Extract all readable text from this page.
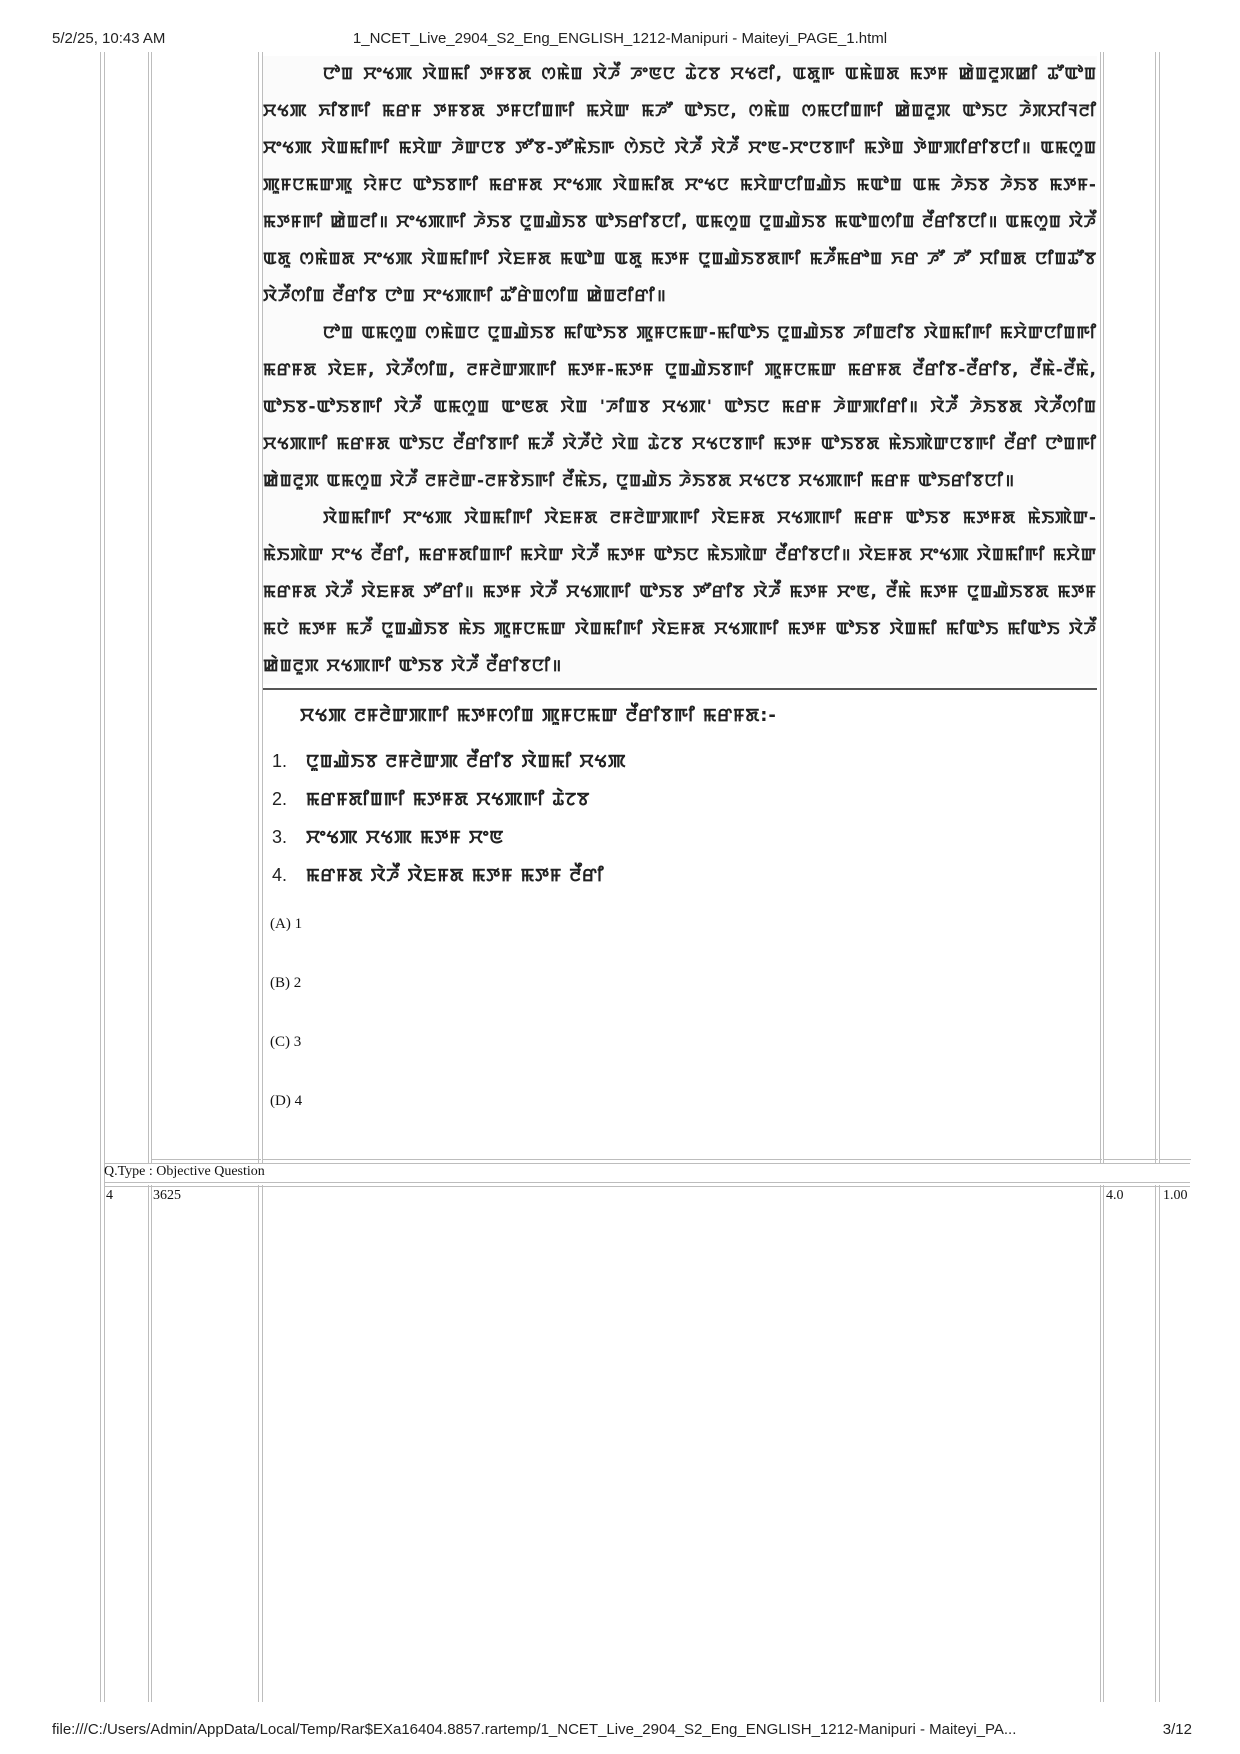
5/2/25, 10:43 AM	1_NCET_Live_2904_S2_Eng_ENGLISH_1212-Manipuri - Maiteyi_PAGE_1.html

ꯅꯣꯡ ꯆꯦꯠꯄ ꯋꯥꯡꯃꯤ ꯇꯝꯕꯗ ꯁꯃꯥꯡ ꯋꯥꯍꯩ ꯍꯦꯟꯅ ꯊꯥꯖꯕ ꯆꯠꯂꯤ, ꯑꯗꯨꯒ ꯑꯃꯥꯡꯗ ꯃꯇꯝ ꯀꯥꯡꯂꯨꯞꯀꯤ ꯊꯧꯑꯣꯡ ꯆꯠꯄ ꯈꯤꯕꯒꯤ ꯃꯔꯝ ꯇꯝꯕꯗ ꯇꯝꯅꯤꯡꯒꯤ ꯃꯆꯥꯛ ꯃꯍꯧ ꯑꯣꯏꯅ, ꯁꯃꯥꯡ ꯁꯃꯅꯤꯡꯒꯤ ꯀꯥꯡꯂꯨꯞ ꯑꯣꯏꯅ ꯍꯥꯞꯆꯤꯜꯂꯤ ꯆꯦꯠꯄ ꯋꯥꯡꯃꯤꯒꯤ ꯃꯆꯥꯛ ꯍꯥꯛꯅꯕ ꯇꯧꯕ-ꯇꯧꯃꯥꯏꯒ ꯁꯥꯏꯅꯥ ꯋꯥꯍꯩ ꯋꯥꯍꯩ ꯆꯦꯟ-ꯆꯦꯅꯕꯒꯤ ꯃꯇꯥꯡ ꯇꯥꯛꯄꯤꯔꯤꯕꯅꯤ॥ ꯑꯃꯁꯨꯡ ꯄꯨꯝꯅꯃꯛꯄꯨ ꯌꯥꯝꯅ ꯑꯣꯏꯕꯒꯤ ꯃꯔꯝꯗ ꯆꯦꯠꯄ ꯋꯥꯡꯃꯤꯗ ꯆꯦꯠꯅ ꯃꯆꯥꯛꯅꯤꯡꯉꯥꯏ ꯃꯑꯣꯡ ꯑꯃ ꯍꯥꯏꯕ ꯍꯥꯏꯕ ꯃꯇꯝ-ꯃꯇꯝꯒꯤ ꯀꯥꯡꯂꯤ॥ ꯆꯦꯠꯄꯒꯤ ꯍꯥꯏꯕ ꯅꯨꯡꯉꯥꯏꯕ ꯑꯣꯏꯔꯤꯕꯅꯤ, ꯑꯃꯁꯨꯡ ꯅꯨꯡꯉꯥꯏꯕ ꯃꯑꯣꯡꯁꯤꯡ ꯂꯩꯔꯤꯕꯅꯤ॥ ꯑꯃꯁꯨꯡ ꯋꯥꯍꯩ ꯑꯗꯨ ꯁꯃꯥꯡꯗ ꯆꯦꯠꯄ ꯋꯥꯡꯃꯤꯒꯤ ꯋꯥꯐꯝꯗ ꯃꯑꯣꯡ ꯑꯗꯨ ꯃꯇꯝ ꯅꯨꯡꯉꯥꯏꯕꯗꯒꯤ ꯃꯍꯩꯃꯔꯣꯡ ꯈꯔ ꯍꯧ ꯍꯧ ꯆꯤꯡꯗ ꯅꯤꯡꯊꯧꯕ ꯋꯥꯍꯩꯁꯤꯡ ꯂꯩꯔꯤꯕ ꯅꯣꯡ ꯆꯦꯠꯄꯒꯤ ꯊꯧꯔꯥꯡꯁꯤꯡ ꯀꯥꯡꯂꯤꯔꯤ॥

ꯅꯣꯡ ꯑꯃꯁꯨꯡ ꯁꯃꯥꯡꯅ ꯅꯨꯡꯉꯥꯏꯕ ꯃꯤꯑꯣꯏꯕ ꯄꯨꯝꯅꯃꯛ-ꯃꯤꯑꯣꯏ ꯅꯨꯡꯉꯥꯏꯕ ꯍꯤꯡꯂꯤꯕ ꯋꯥꯡꯃꯤꯒꯤ ꯃꯆꯥꯛꯅꯤꯡꯒꯤ ꯃꯔꯝꯗ ꯋꯥꯐꯝ, ꯋꯥꯍꯩꯁꯤꯡ, ꯂꯝꯂꯥꯛꯄꯒꯤ ꯃꯇꯝ-ꯃꯇꯝ ꯅꯨꯡꯉꯥꯏꯕꯒꯤ ꯄꯨꯝꯅꯃꯛ ꯃꯔꯝꯗ ꯂꯩꯔꯤꯕ-ꯂꯩꯔꯤꯕ, ꯂꯩꯃꯥ-ꯂꯩꯃꯥ, ꯑꯣꯏꯕ-ꯑꯣꯏꯕꯒꯤ ꯋꯥꯍꯩ ꯑꯃꯁꯨꯡ ꯑꯦꯟꯗ ꯋꯥꯡ 'ꯍꯤꯡꯕ ꯆꯠꯄ' ꯑꯣꯏꯅ ꯃꯔꯝ ꯍꯥꯛꯄꯤꯔꯤ॥ ꯋꯥꯍꯩ ꯍꯥꯏꯕꯗ ꯋꯥꯍꯩꯁꯤꯡ ꯆꯠꯄꯒꯤ ꯃꯔꯝꯗ ꯑꯣꯏꯅ ꯂꯩꯔꯤꯕꯒꯤ ꯃꯍꯩ ꯋꯥꯍꯩꯅꯥ ꯋꯥꯡ ꯊꯥꯖꯕ ꯆꯠꯅꯕꯒꯤ ꯃꯇꯝ ꯑꯣꯏꯕꯗ ꯃꯥꯏꯄꯥꯛꯅꯕꯒꯤ ꯂꯩꯔꯤ ꯅꯣꯡꯒꯤ ꯀꯥꯡꯂꯨꯞ ꯑꯃꯁꯨꯡ ꯋꯥꯍꯩ ꯂꯝꯂꯥꯛ-ꯂꯝꯕꯥꯏꯒꯤ ꯂꯩꯃꯥꯏ, ꯅꯨꯡꯉꯥꯏ ꯍꯥꯏꯕꯗ ꯆꯠꯅꯕ ꯆꯠꯄꯒꯤ ꯃꯔꯝ ꯑꯣꯏꯔꯤꯕꯅꯤ॥

ꯋꯥꯡꯃꯤꯒꯤ ꯆꯦꯠꯄ ꯋꯥꯡꯃꯤꯒꯤ ꯋꯥꯐꯝꯗ ꯂꯝꯂꯥꯛꯄꯒꯤ ꯋꯥꯐꯝꯗ ꯆꯠꯄꯒꯤ ꯃꯔꯝ ꯑꯣꯏꯕ ꯃꯇꯝꯗ ꯃꯥꯏꯄꯥꯛ-ꯃꯥꯏꯄꯥꯛ ꯆꯦꯠ ꯂꯩꯔꯤ, ꯃꯔꯝꯗꯤꯡꯒꯤ ꯃꯆꯥꯛ ꯋꯥꯍꯩ ꯃꯇꯝ ꯑꯣꯏꯅ ꯃꯥꯏꯄꯥꯛ ꯂꯩꯔꯤꯕꯅꯤ॥ ꯋꯥꯐꯝꯗ ꯆꯦꯠꯄ ꯋꯥꯡꯃꯤꯒꯤ ꯃꯆꯥꯛ ꯃꯔꯝꯗ ꯋꯥꯍꯩ ꯋꯥꯐꯝꯗ ꯇꯧꯔꯤ॥ ꯃꯇꯝ ꯋꯥꯍꯩ ꯆꯠꯄꯒꯤ ꯑꯣꯏꯕ ꯇꯧꯔꯤꯕ ꯋꯥꯍꯩ ꯃꯇꯝ ꯆꯦꯟ, ꯂꯩꯃꯥ ꯃꯇꯝ ꯅꯨꯡꯉꯥꯏꯕꯗ ꯃꯇꯝ ꯃꯅꯥ ꯃꯇꯝ ꯃꯍꯩ ꯅꯨꯡꯉꯥꯏꯕ ꯃꯥꯏ ꯄꯨꯝꯅꯃꯛ ꯋꯥꯡꯃꯤꯒꯤ ꯋꯥꯐꯝꯗ ꯆꯠꯄꯒꯤ ꯃꯇꯝ ꯑꯣꯏꯕ ꯋꯥꯡꯃꯤ ꯃꯤꯑꯣꯏ ꯃꯤꯑꯣꯏ ꯋꯥꯍꯩ ꯀꯥꯡꯂꯨꯞ ꯆꯠꯄꯒꯤ ꯑꯣꯏꯕ ꯋꯥꯍꯩ ꯂꯩꯔꯤꯕꯅꯤ॥

ꯆꯠꯄ ꯂꯝꯂꯥꯛꯄꯒꯤ ꯃꯇꯝꯁꯤꯡ ꯄꯨꯝꯅꯃꯛ ꯂꯩꯔꯤꯕꯒꯤ ꯃꯔꯝꯗ:-
1. ꯅꯨꯡꯉꯥꯏꯕ ꯂꯝꯂꯥꯛꯄ ꯂꯩꯔꯤꯕ ꯋꯥꯡꯃꯤ ꯆꯠꯄ
2. ꯃꯔꯝꯗꯤꯡꯒꯤ ꯃꯇꯝꯗ ꯆꯠꯄꯒꯤ ꯊꯥꯖꯕ
3. ꯆꯦꯠꯄ ꯆꯠꯄ ꯃꯇꯝ ꯆꯦꯟ
4. ꯃꯔꯝꯗ ꯋꯥꯍꯩ ꯋꯥꯐꯝꯗ ꯃꯇꯝ ꯃꯇꯝ ꯂꯩꯔꯤ
(A) 1
(B) 2
(C) 3
(D) 4
Q.Type : Objective Question
4	3625	4.0	1.00
file:///C:/Users/Admin/AppData/Local/Temp/Rar$EXa16404.8857.rartemp/1_NCET_Live_2904_S2_Eng_ENGLISH_1212-Manipuri - Maiteyi_PA...	3/12
